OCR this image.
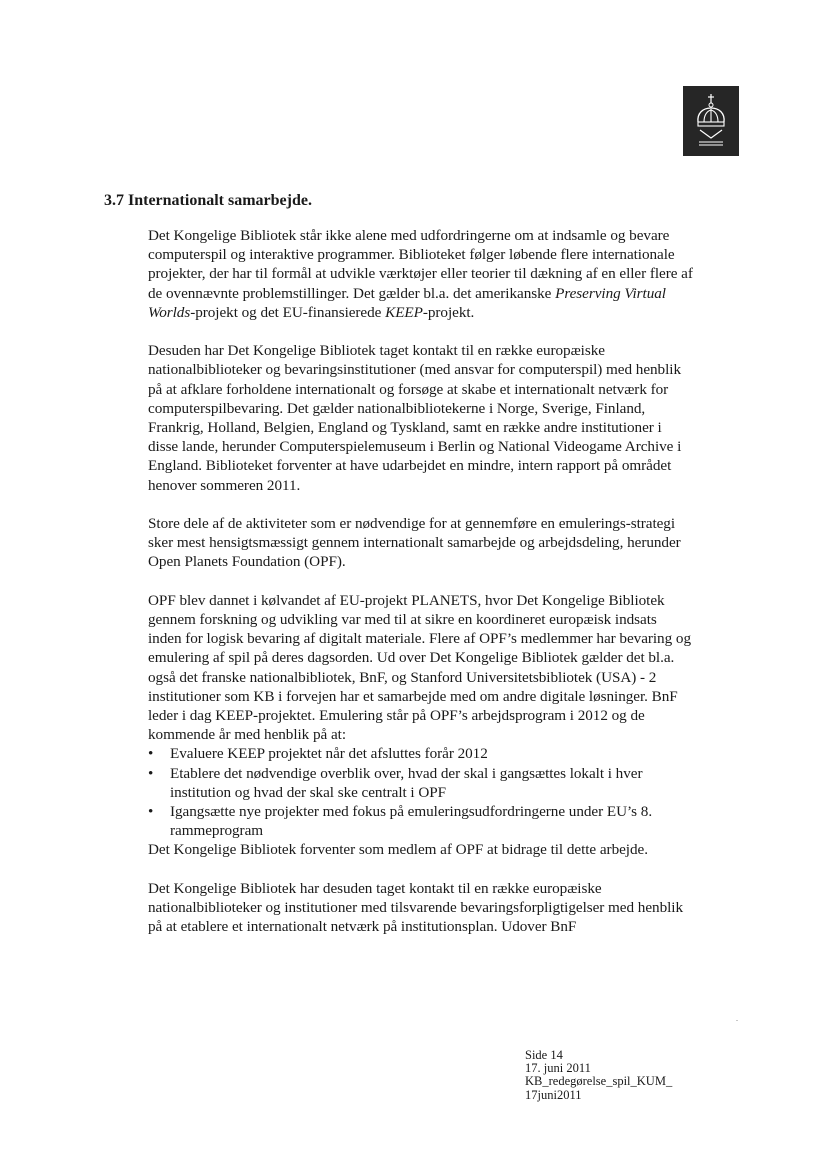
3.7 Internationalt samarbejde.

Det Kongelige Bibliotek står ikke alene med udfordringerne om at indsamle og bevare computerspil og interaktive programmer. Biblioteket følger løbende flere internationale projekter, der har til formål at udvikle værktøjer eller teorier til dækning af en eller flere af de ovennævnte problemstillinger. Det gælder bl.a. det amerikanske Preserving Virtual Worlds-projekt og det EU-finansierede KEEP-projekt.

Desuden har Det Kongelige Bibliotek taget kontakt til en række europæiske nationalbiblioteker og bevaringsinstitutioner (med ansvar for computerspil) med henblik på at afklare forholdene internationalt og forsøge at skabe et internationalt netværk for computerspilbevaring. Det gælder nationalbibliotekerne i Norge, Sverige, Finland, Frankrig, Holland, Belgien, England og Tyskland, samt en række andre institutioner i disse lande, herunder Computerspielemuseum i Berlin og National Videogame Archive i England. Biblioteket forventer at have udarbejdet en mindre, intern rapport på området henover sommeren 2011.

Store dele af de aktiviteter som er nødvendige for at gennemføre en emulerings-strategi sker mest hensigtsmæssigt gennem internationalt samarbejde og arbejdsdeling, herunder Open Planets Foundation (OPF).

OPF blev dannet i kølvandet af EU-projekt PLANETS, hvor Det Kongelige Bibliotek gennem forskning og udvikling var med til at sikre en koordineret europæisk indsats inden for logisk bevaring af digitalt materiale. Flere af OPF’s medlemmer har bevaring og emulering af spil på deres dagsorden. Ud over Det Kongelige Bibliotek gælder det bl.a. også det franske nationalbibliotek, BnF, og Stanford Universitetsbibliotek (USA) - 2 institutioner som KB i forvejen har et samarbejde med om andre digitale løsninger. BnF leder i dag KEEP-projektet. Emulering står på OPF’s arbejdsprogram i 2012 og de kommende år med henblik på at:

•	Evaluere KEEP projektet når det afsluttes forår 2012
•	Etablere det nødvendige overblik over, hvad der skal i gangsættes lokalt i hver institution og hvad der skal ske centralt i OPF
•	Igangsætte nye projekter med fokus på emuleringsudfordringerne under EU’s 8. rammeprogram

Det Kongelige Bibliotek forventer som medlem af OPF at bidrage til dette arbejde.

Det Kongelige Bibliotek har desuden taget kontakt til en række europæiske nationalbiblioteker og institutioner med tilsvarende bevaringsforpligtigelser med henblik på at etablere et internationalt netværk på institutionsplan. Udover BnF

Side 14
17. juni 2011
KB_redegørelse_spil_KUM_
17juni2011
